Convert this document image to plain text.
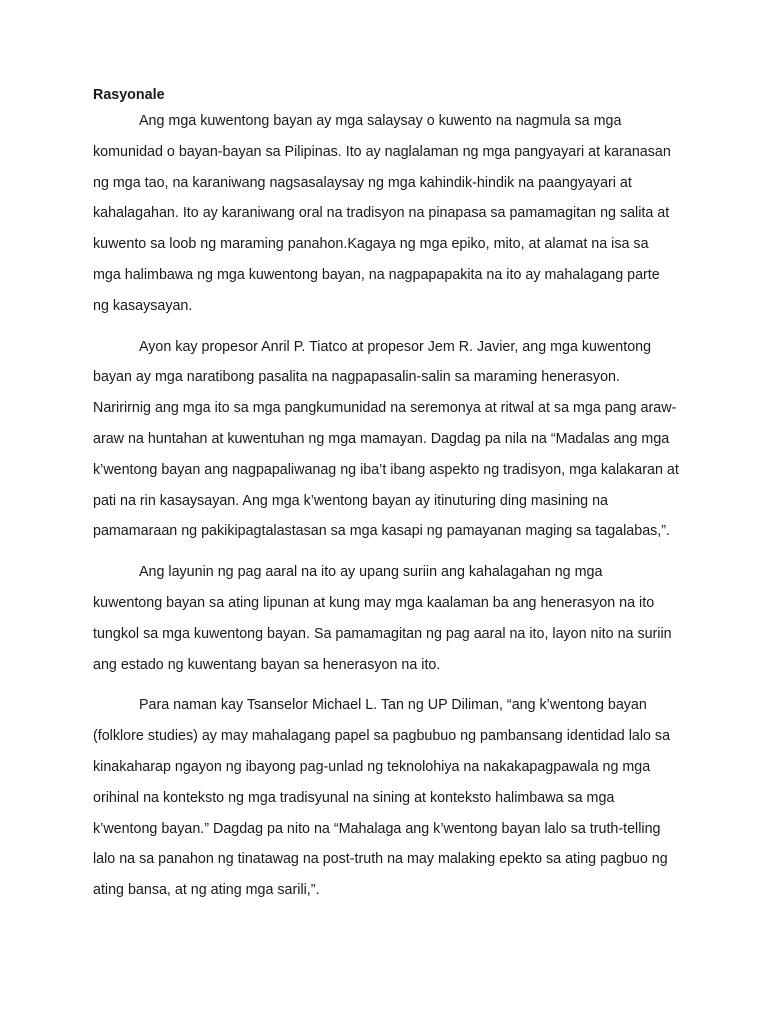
Rasyonale

Ang mga kuwentong bayan ay mga salaysay o kuwento na nagmula sa mga
komunidad o bayan-bayan sa Pilipinas. Ito ay naglalaman ng mga pangyayari at karanasan
ng mga tao, na karaniwang nagsasalaysay ng mga kahindik-hindik na paangyayari at
kahalagahan. Ito ay karaniwang oral na tradisyon na pinapasa sa pamamagitan ng salita at
kuwento sa loob ng maraming panahon.Kagaya ng mga epiko, mito, at alamat na isa sa
mga halimbawa ng mga kuwentong bayan, na nagpapapakita na ito ay mahalagang parte
ng kasaysayan.

Ayon kay propesor Anril P. Tiatco at propesor Jem R. Javier, ang mga kuwentong
bayan ay mga naratibong pasalita na nagpapasalin-salin sa maraming henerasyon.
Naririrnig ang mga ito sa mga pangkumunidad na seremonya at ritwal at sa mga pang araw-
araw na huntahan at kuwentuhan ng mga mamayan. Dagdag pa nila na “Madalas ang mga
k’wentong bayan ang nagpapaliwanag ng iba’t ibang aspekto ng tradisyon, mga kalakaran at
pati na rin kasaysayan. Ang mga k’wentong bayan ay itinuturing ding masining na
pamamaraan ng pakikipagtalastasan sa mga kasapi ng pamayanan maging sa tagalabas,”.

Ang layunin ng pag aaral na ito ay upang suriin ang kahalagahan ng mga
kuwentong bayan sa ating lipunan at kung may mga kaalaman ba ang henerasyon na ito
tungkol sa mga kuwentong bayan. Sa pamamagitan ng pag aaral na ito, layon nito na suriin
ang estado ng kuwentang bayan sa henerasyon na ito.

Para naman kay Tsanselor Michael L. Tan ng UP Diliman, “ang k’wentong bayan
(folklore studies) ay may mahalagang papel sa pagbubuo ng pambansang identidad lalo sa
kinakaharap ngayon ng ibayong pag-unlad ng teknolohiya na nakakapagpawala ng mga
orihinal na konteksto ng mga tradisyunal na sining at konteksto halimbawa sa mga
k’wentong bayan.” Dagdag pa nito na “Mahalaga ang k’wentong bayan lalo sa truth-telling
lalo na sa panahon ng tinatawag na post-truth na may malaking epekto sa ating pagbuo ng
ating bansa, at ng ating mga sarili,”.
